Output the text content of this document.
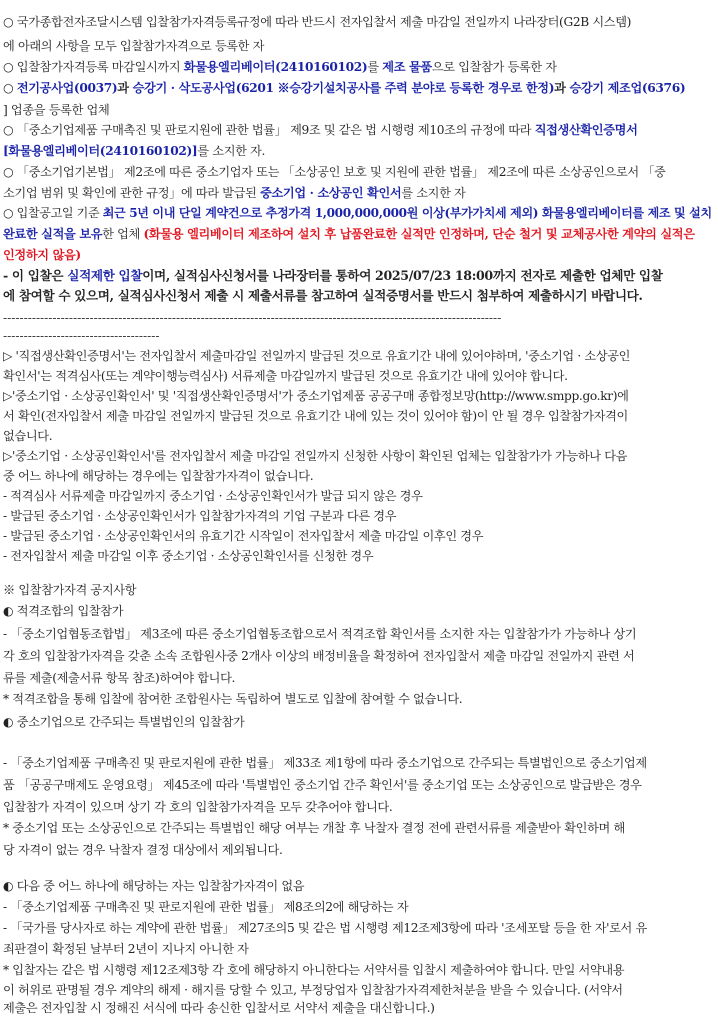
○ 국가종합전자조달시스템 입찰참가자격등록규정에 따라 반드시 전자입찰서 제출 마감일 전일까지 나라장터(G2B 시스템)
에 아래의 사항을 모두 입찰참가자격으로 등록한 자
○ 입찰참가자격등록 마감일시까지 화물용엘리베이터(2410160102)를 제조 물품으로 입찰참가 등록한 자
○ 전기공사업(0037)과 승강기 · 삭도공사업(6201 ※승강기설치공사를 주력 분야로 등록한 경우로 한정)과 승강기 제조업(6376)
] 업종을 등록한 업체
○ 「중소기업제품 구매촉진 및 판로지원에 관한 법률」 제9조 및 같은 법 시행령 제10조의 규정에 따라 직접생산확인증명서
[화물용엘리베이터(2410160102)]를 소지한 자.
○ 「중소기업기본법」 제2조에 따른 중소기업자 또는 「소상공인 보호 및 지원에 관한 법률」 제2조에 따른 소상공인으로서 「중
소기업 범위 및 확인에 관한 규정」에 따라 발급된 중소기업 · 소상공인 확인서를 소지한 자
○ 입찰공고일 기준 최근 5년 이내 단일 계약건으로 추정가격 1,000,000,000원 이상(부가가치세 제외) 화물용엘리베이터를 제조 및 설치
완료한 실적을 보유한 업체 (화물용 엘리베이터 제조하여 설치 후 납품완료한 실적만 인정하며, 단순 철거 및 교체공사한 계약의 실적은
인정하지 않음)
- 이 입찰은 실적제한 입찰이며, 실적심사신청서를 나라장터를 통하여 2025/07/23 18:00까지 전자로 제출한 업체만 입찰
에 참여할 수 있으며, 실적심사신청서 제출 시 제출서류를 참고하여 실적증명서를 반드시 첨부하여 제출하시기 바랍니다.
-------------------------------------------------------------------------------------------------------------------------
--------------------------------------
▷ '직접생산확인증명서'는 전자입찰서 제출마감일 전일까지 발급된 것으로 유효기간 내에 있어야하며, '중소기업 · 소상공인
확인서'는 적격심사(또는 계약이행능력심사) 서류제출 마감일까지 발급된 것으로 유효기간 내에 있어야 합니다.
▷'중소기업 · 소상공인확인서' 및 '직접생산확인증명서'가 중소기업제품 공공구매 종합정보망(http://www.smpp.go.kr)에
서 확인(전자입찰서 제출 마감일 전일까지 발급된 것으로 유효기간 내에 있는 것이 있어야 함)이 안 될 경우 입찰참가자격이
없습니다.
▷'중소기업 · 소상공인확인서'를 전자입찰서 제출 마감일 전일까지 신청한 사항이 확인된 업체는 입찰참가가 가능하나 다음
중 어느 하나에 해당하는 경우에는 입찰참가자격이 없습니다.
- 적격심사 서류제출 마감일까지 중소기업 · 소상공인확인서가 발급 되지 않은 경우
- 발급된 중소기업 · 소상공인확인서가 입찰참가자격의 기업 구분과 다른 경우
- 발급된 중소기업 · 소상공인확인서의 유효기간 시작일이 전자입찰서 제출 마감일 이후인 경우
- 전자입찰서 제출 마감일 이후 중소기업 · 소상공인확인서를 신청한 경우
※ 입찰참가자격 공지사항
◐ 적격조합의 입찰참가
- 「중소기업협동조합법」 제3조에 따른 중소기업협동조합으로서 적격조합 확인서를 소지한 자는 입찰참가가 가능하나 상기
각 호의 입찰참가자격을 갖춘 소속 조합원사중 2개사 이상의 배정비율을 확정하여 전자입찰서 제출 마감일 전일까지 관련 서
류를 제출(제출서류 항목 참조)하여야 합니다.
* 적격조합을 통해 입찰에 참여한 조합원사는 독립하여 별도로 입찰에 참여할 수 없습니다.
◐ 중소기업으로 간주되는 특별법인의 입찰참가
- 「중소기업제품 구매촉진 및 판로지원에 관한 법률」 제33조 제1항에 따라 중소기업으로 간주되는 특별법인으로 중소기업제
품 「공공구매제도 운영요령」 제45조에 따라 '특별법인 중소기업 간주 확인서'를 중소기업 또는 소상공인으로 발급받은 경우
입찰참가 자격이 있으며 상기 각 호의 입찰참가자격을 모두 갖추어야 합니다.
* 중소기업 또는 소상공인으로 간주되는 특별법인 해당 여부는 개찰 후 낙찰자 결정 전에 관련서류를 제출받아 확인하며 해
당 자격이 없는 경우 낙찰자 결정 대상에서 제외됩니다.
◐ 다음 중 어느 하나에 해당하는 자는 입찰참가자격이 없음
- 「중소기업제품 구매촉진 및 판로지원에 관한 법률」 제8조의2에 해당하는 자
- 「국가를 당사자로 하는 계약에 관한 법률」 제27조의5 및 같은 법 시행령 제12조제3항에 따라 '조세포탈 등을 한 자'로서 유
죄판결이 확정된 날부터 2년이 지나지 아니한 자
* 입찰자는 같은 법 시행령 제12조제3항 각 호에 해당하지 아니한다는 서약서를 입찰시 제출하여야 합니다. 만일 서약내용
이 허위로 판명될 경우 계약의 해제 · 해지를 당할 수 있고, 부정당업자 입찰참가자격제한처분을 받을 수 있습니다. (서약서
제출은 전자입찰 시 정해진 서식에 따라 송신한 입찰서로 서약서 제출을 대신합니다.)
